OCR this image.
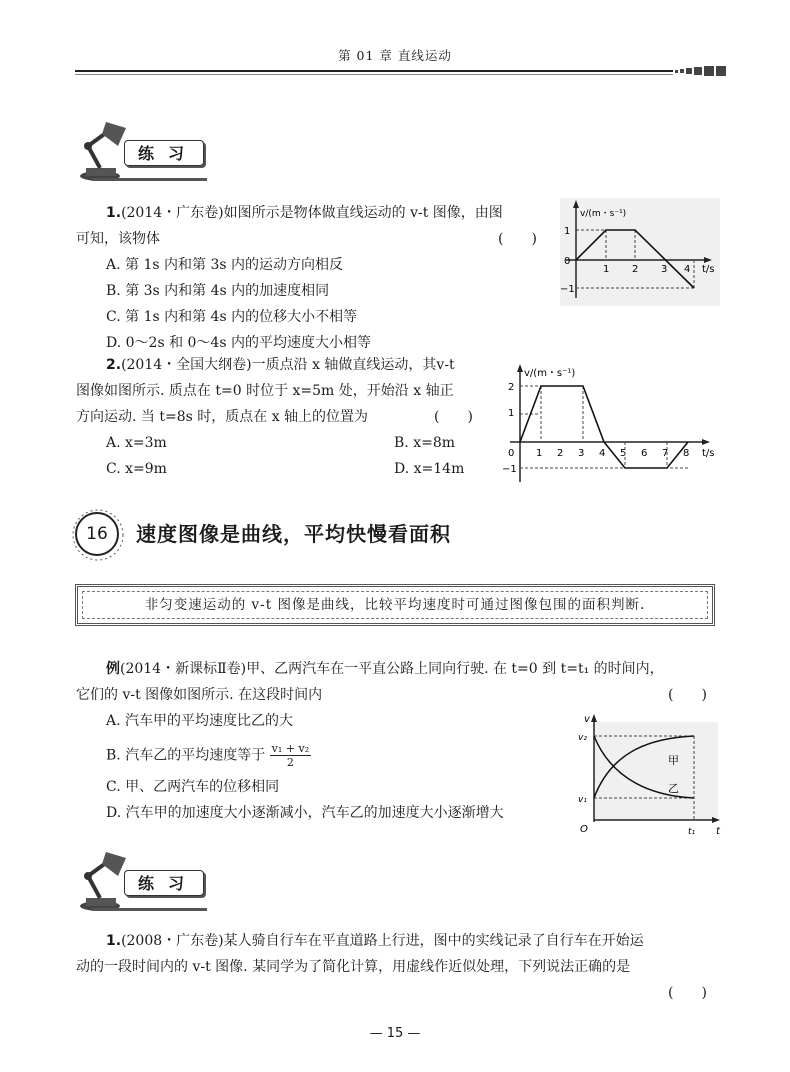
第 01 章 直线运动
练习
1.(2014・广东卷)如图所示是物体做直线运动的 v-t 图像，由图
可知，该物体	(　　)
A. 第 1s 内和第 3s 内的运动方向相反
B. 第 3s 内和第 4s 内的加速度相同
C. 第 1s 内和第 4s 内的位移大小不相等
D. 0～2s 和 0～4s 内的平均速度大小相等
v/(m・s⁻¹)
t/s
0
1
−1
1 2 3 4
2.(2014・全国大纲卷)一质点沿 x 轴做直线运动，其v-t
图像如图所示. 质点在 t=0 时位于 x=5m 处，开始沿 x 轴正
方向运动. 当 t=8s 时，质点在 x 轴上的位置为	(　　)
A. x=3m	B. x=8m
C. x=9m	D. x=14m
v/(m・s⁻¹)
t/s
0
2
1
−1
1 2 3 4 5 6 7 8
16	速度图像是曲线，平均快慢看面积
非匀变速运动的 v-t 图像是曲线，比较平均速度时可通过图像包围的面积判断.
例(2014・新课标Ⅱ卷)甲、乙两汽车在一平直公路上同向行驶. 在 t=0 到 t=t₁ 的时间内，
它们的 v-t 图像如图所示. 在这段时间内	(　　)
A. 汽车甲的平均速度比乙的大
B. 汽车乙的平均速度等于 $\frac{\text{v₁ + v₂}}{2}$
C. 甲、乙两汽车的位移相同
D. 汽车甲的加速度大小逐渐减小，汽车乙的加速度大小逐渐增大
v
t
O
v₂
v₁
t₁
甲
乙
练习
1.(2008・广东卷)某人骑自行车在平直道路上行进，图中的实线记录了自行车在开始运
动的一段时间内的 v-t 图像. 某同学为了简化计算，用虚线作近似处理，下列说法正确的是
(　　)
— 15 —
